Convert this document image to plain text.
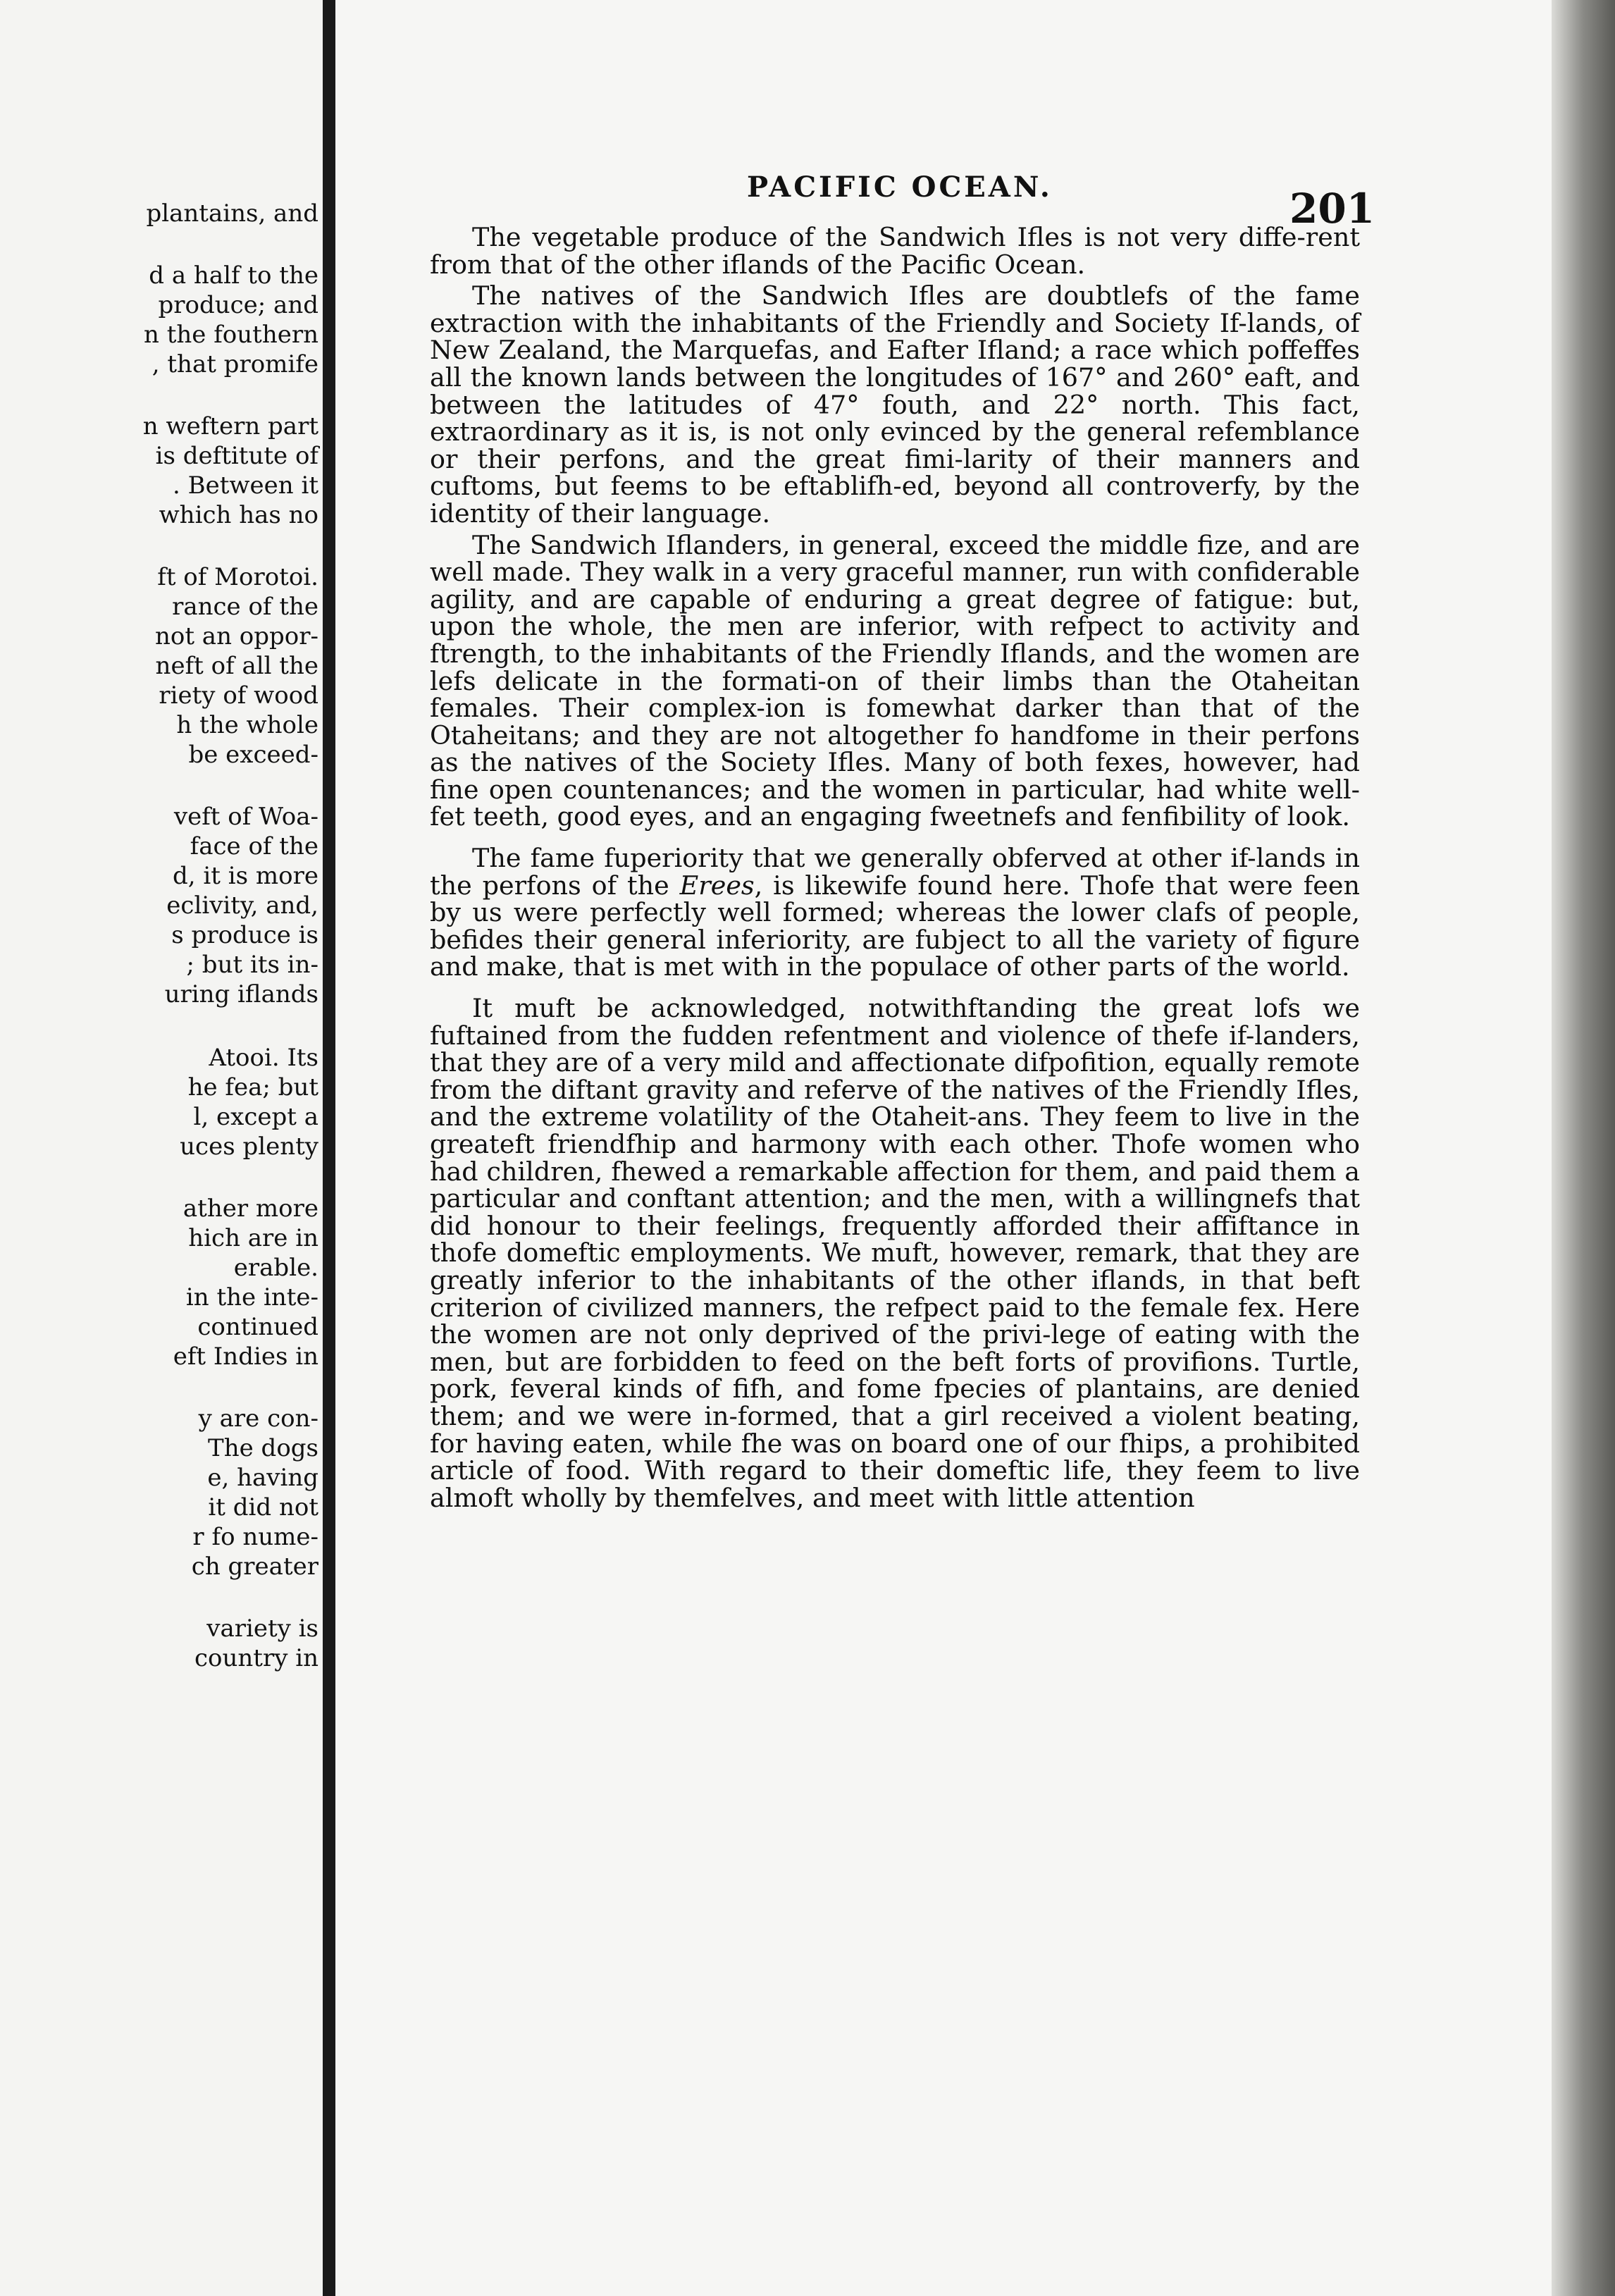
plantains, and
d a half to the
produce; and
n the fouthern
, that promife
n weftern part
is deftitute of
. Between it
which has no
ft of Morotoi.
rance of the
not an oppor-
neft of all the
riety of wood
h the whole
be exceed-
veft of Woa-
face of the
d, it is more
eclivity, and,
s produce is
; but its in-
uring iflands
Atooi. Its
he fea; but
l, except a
uces plenty
ather more
hich are in
erable.
in the inte-
continued
eft Indies in
y are con-
The dogs
e, having
it did not
r fo nume-
ch greater
variety is
country in
PACIFIC OCEAN.	201

The vegetable produce of the Sandwich Ifles is not very diffe-rent from that of the other iflands of the Pacific Ocean.

The natives of the Sandwich Ifles are doubtlefs of the fame extraction with the inhabitants of the Friendly and Society If-lands, of New Zealand, the Marquefas, and Eafter Ifland; a race which poffeffes all the known lands between the longitudes of 167° and 260° eaft, and between the latitudes of 47° fouth, and 22° north. This fact, extraordinary as it is, is not only evinced by the general refemblance or their perfons, and the great fimi-larity of their manners and cuftoms, but feems to be eftablifh-ed, beyond all controverfy, by the identity of their language.

The Sandwich Iflanders, in general, exceed the middle fize, and are well made. They walk in a very graceful manner, run with confiderable agility, and are capable of enduring a great degree of fatigue: but, upon the whole, the men are inferior, with refpect to activity and ftrength, to the inhabitants of the Friendly Iflands, and the women are lefs delicate in the formati-on of their limbs than the Otaheitan females. Their complex-ion is fomewhat darker than that of the Otaheitans; and they are not altogether fo handfome in their perfons as the natives of the Society Ifles. Many of both fexes, however, had fine open countenances; and the women in particular, had white well-fet teeth, good eyes, and an engaging fweetnefs and fenfibility of look.

The fame fuperiority that we generally obferved at other if-lands in the perfons of the Erees, is likewife found here. Thofe that were feen by us were perfectly well formed; whereas the lower clafs of people, befides their general inferiority, are fubject to all the variety of figure and make, that is met with in the populace of other parts of the world.

It muft be acknowledged, notwithftanding the great lofs we fuftained from the fudden refentment and violence of thefe if-landers, that they are of a very mild and affectionate difpofition, equally remote from the diftant gravity and referve of the natives of the Friendly Ifles, and the extreme volatility of the Otaheit-ans. They feem to live in the greateft friendfhip and harmony with each other. Thofe women who had children, fhewed a remarkable affection for them, and paid them a particular and conftant attention; and the men, with a willingnefs that did honour to their feelings, frequently afforded their affiftance in thofe domeftic employments. We muft, however, remark, that they are greatly inferior to the inhabitants of the other iflands, in that beft criterion of civilized manners, the refpect paid to the female fex. Here the women are not only deprived of the privi-lege of eating with the men, but are forbidden to feed on the beft forts of provifions. Turtle, pork, feveral kinds of fifh, and fome fpecies of plantains, are denied them; and we were in-formed, that a girl received a violent beating, for having eaten, while fhe was on board one of our fhips, a prohibited article of food. With regard to their domeftic life, they feem to live almoft wholly by themfelves, and meet with little attention
